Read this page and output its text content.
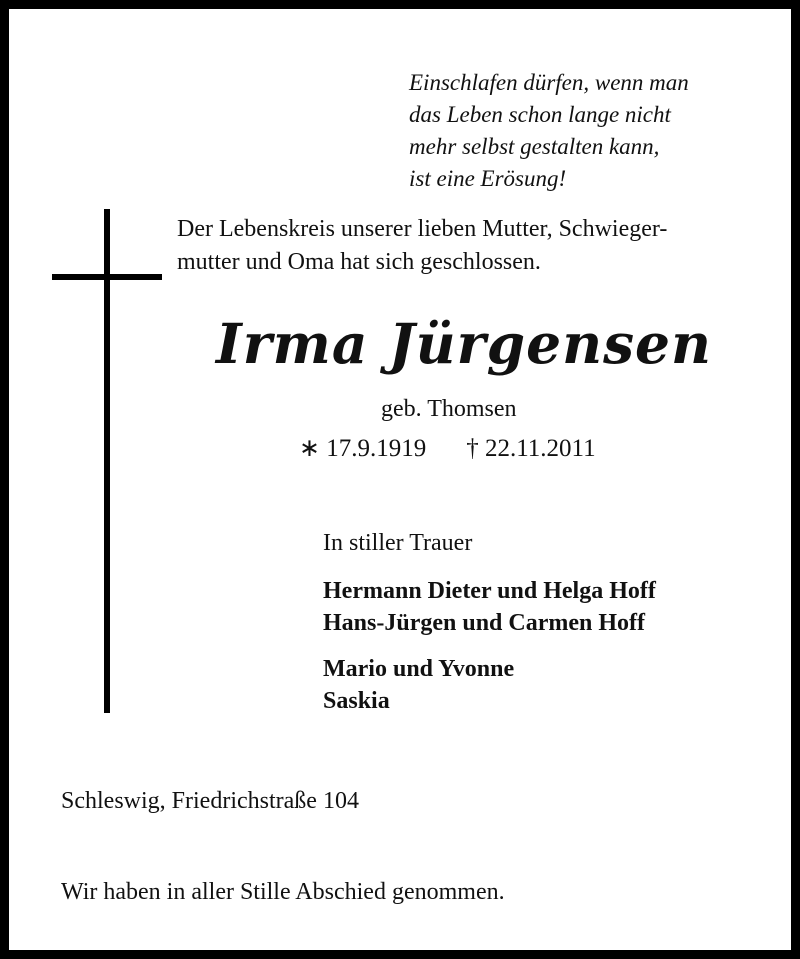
Einschlafen dürfen, wenn man
das Leben schon lange nicht
mehr selbst gestalten kann,
ist eine Erösung!
Der Lebenskreis unserer lieben Mutter, Schwieger-
mutter und Oma hat sich geschlossen.
Irma Jürgensen
geb. Thomsen
∗ 17.9.1919 † 22.11.2011
In stiller Trauer
Hermann Dieter und Helga Hoff
Hans-Jürgen und Carmen Hoff
Mario und Yvonne
Saskia
Schleswig, Friedrichstraße 104
Wir haben in aller Stille Abschied genommen.
